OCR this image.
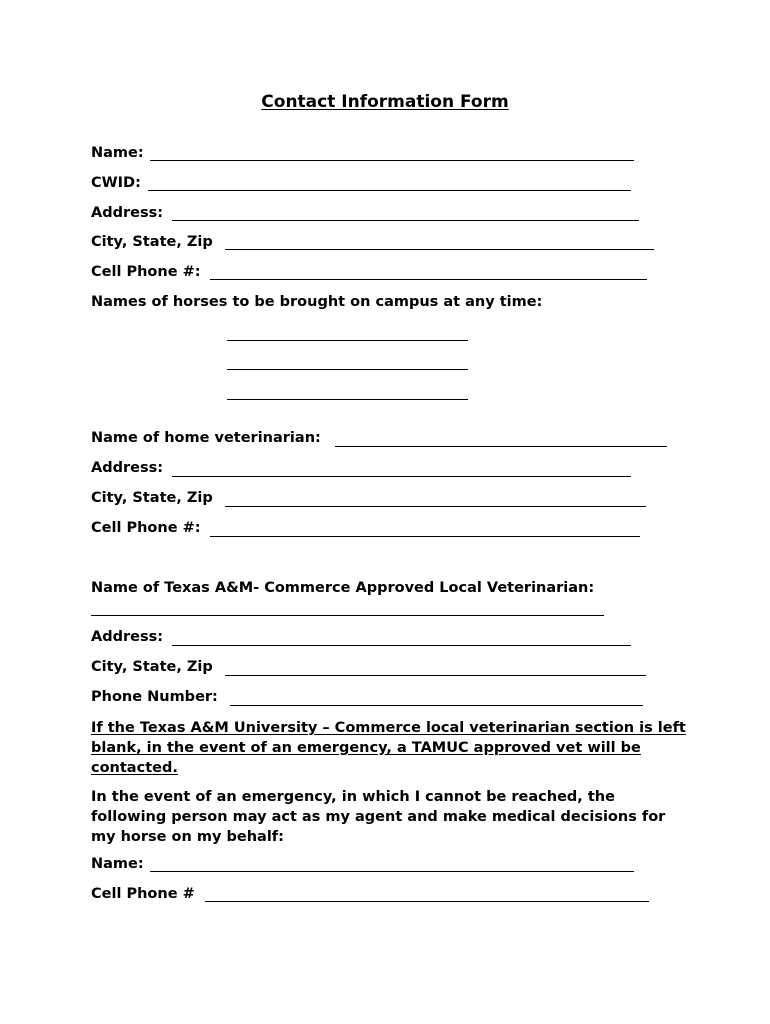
Contact Information Form
Name:
CWID:
Address:
City, State, Zip
Cell Phone #:
Names of horses to be brought on campus at any time:
Name of home veterinarian:
Address:
City, State, Zip
Cell Phone #:
Name of Texas A&M- Commerce Approved Local Veterinarian:
Address:
City, State, Zip
Phone Number:
If the Texas A&M University – Commerce local veterinarian section is left blank, in the event of an emergency, a TAMUC approved vet will be contacted.
In the event of an emergency, in which I cannot be reached, the following person may act as my agent and make medical decisions for my horse on my behalf:
Name:
Cell Phone #
